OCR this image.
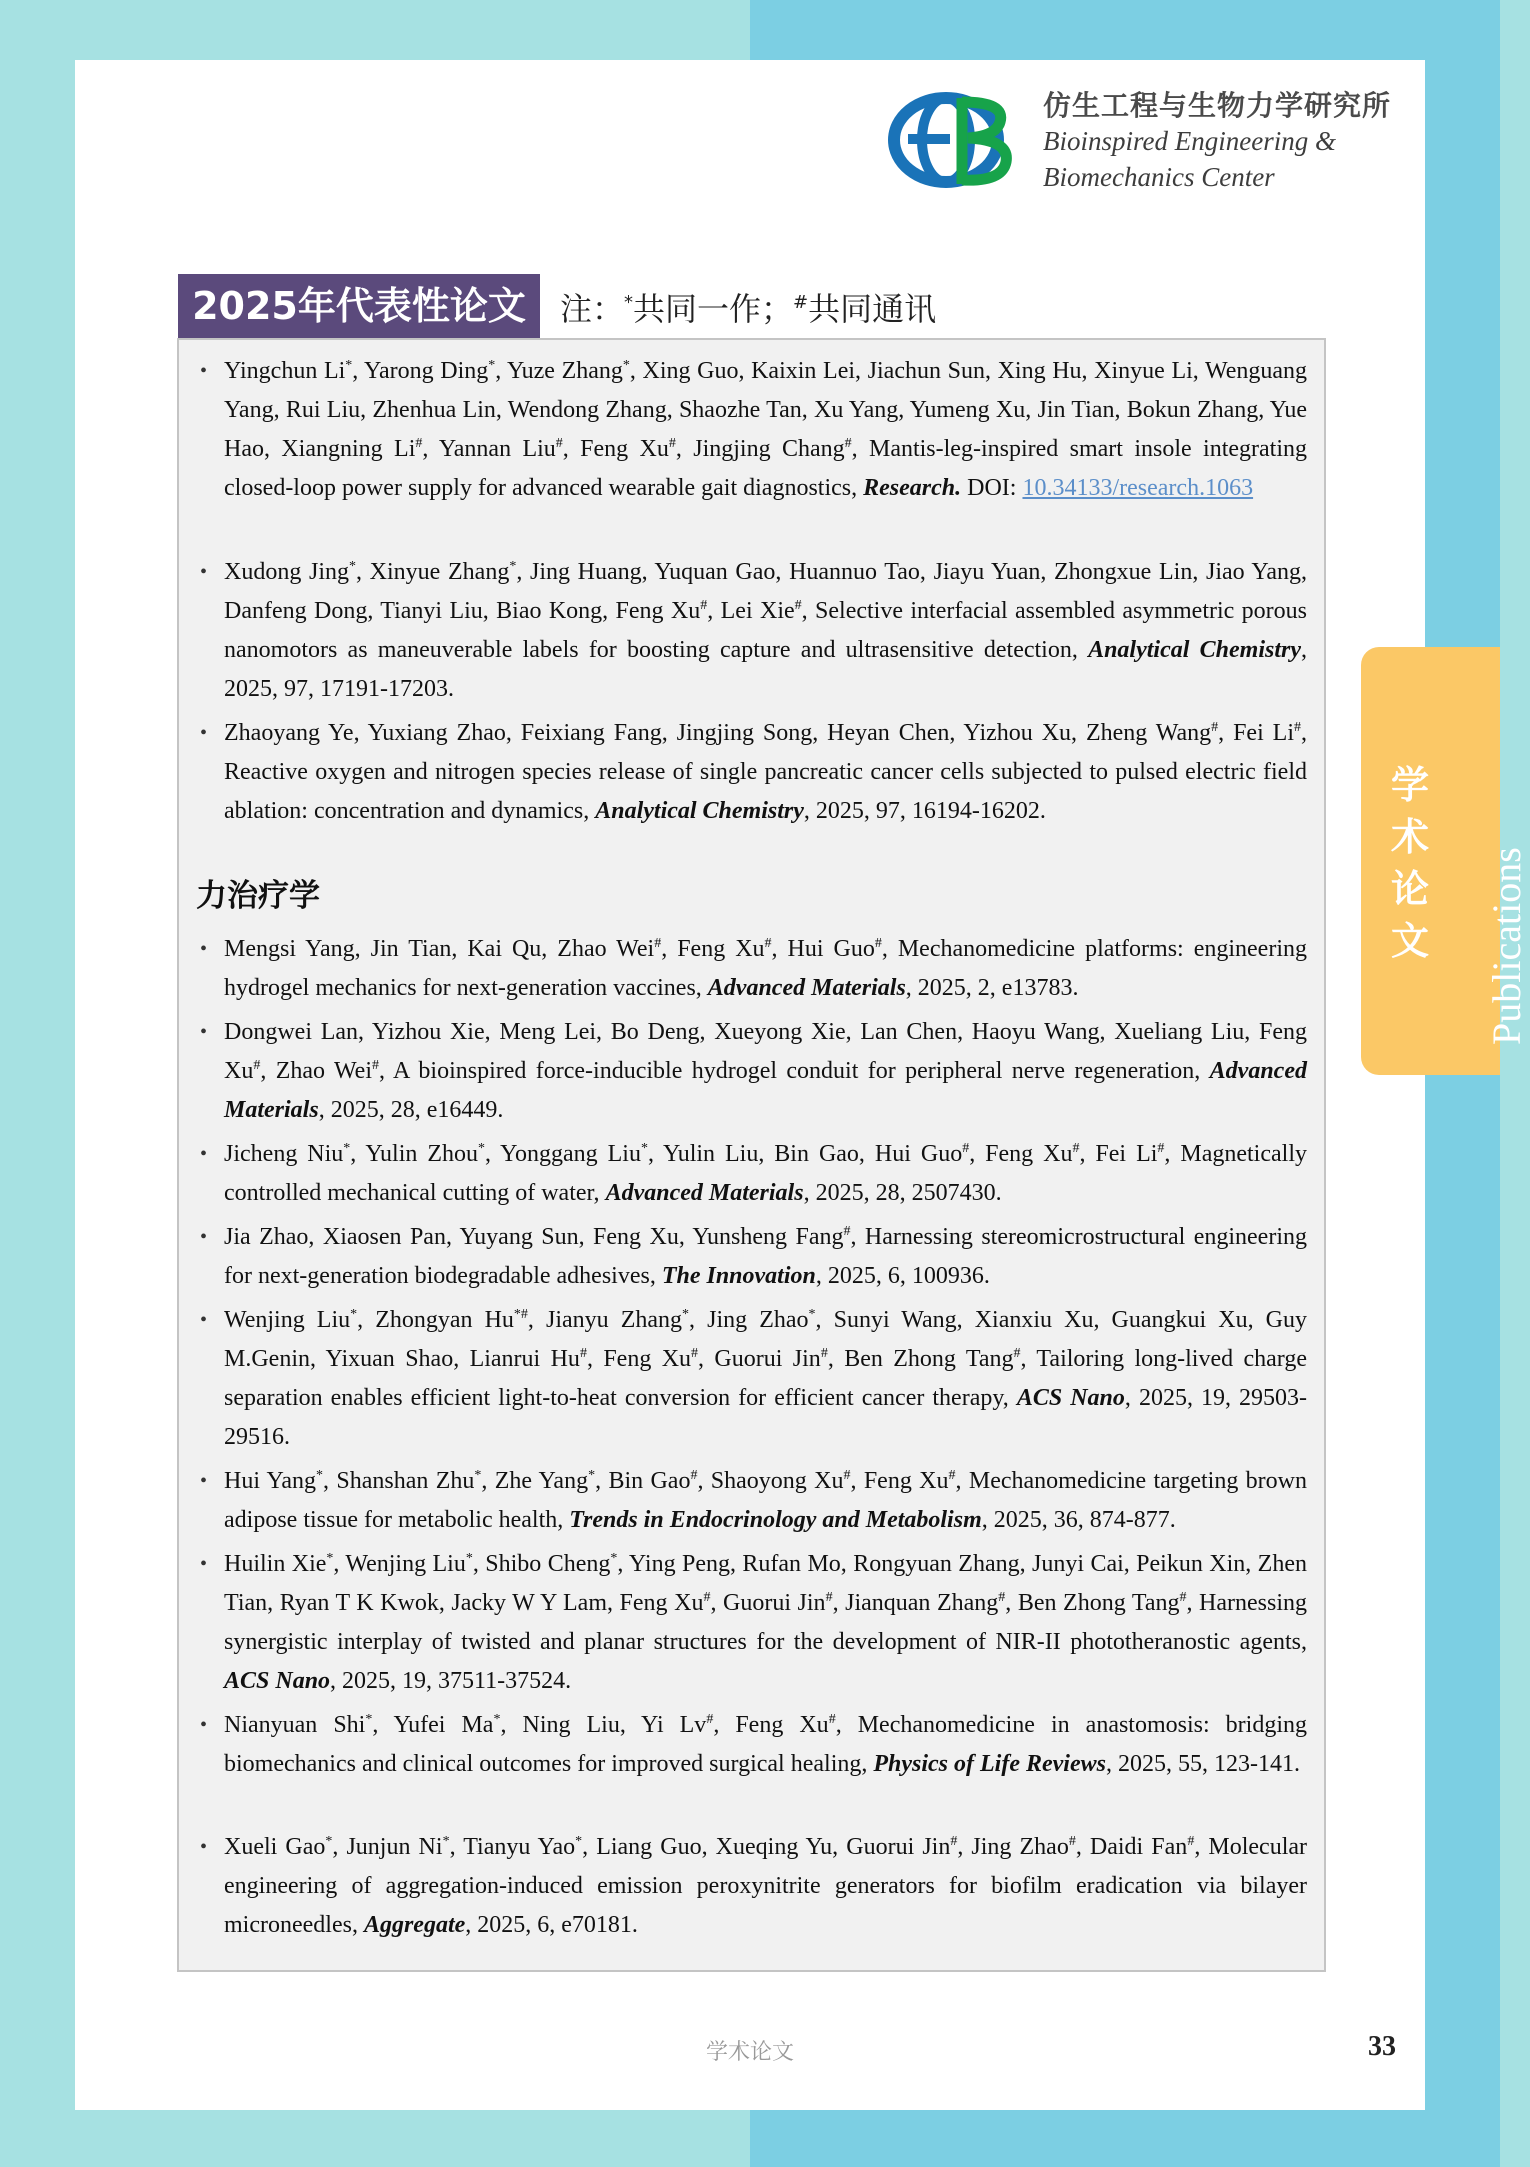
仿生工程与生物力学研究所
Bioinspired Engineering &
Biomechanics Center
2025年代表性论文	注：*共同一作；#共同通讯
• Yingchun Li*, Yarong Ding*, Yuze Zhang*, Xing Guo, Kaixin Lei, Jiachun Sun, Xing Hu, Xinyue Li, Wenguang Yang, Rui Liu, Zhenhua Lin, Wendong Zhang, Shaozhe Tan, Xu Yang, Yumeng Xu, Jin Tian, Bokun Zhang, Yue Hao, Xiangning Li#, Yannan Liu#, Feng Xu#, Jingjing Chang#, Mantis-leg-inspired smart insole integrating closed-loop power supply for advanced wearable gait diagnostics, Research. DOI: 10.34133/research.1063
• Xudong Jing*, Xinyue Zhang*, Jing Huang, Yuquan Gao, Huannuo Tao, Jiayu Yuan, Zhongxue Lin, Jiao Yang, Danfeng Dong, Tianyi Liu, Biao Kong, Feng Xu#, Lei Xie#, Selective interfacial assembled asymmetric porous nanomotors as maneuverable labels for boosting capture and ultrasensitive detection, Analytical Chemistry, 2025, 97, 17191-17203.
• Zhaoyang Ye, Yuxiang Zhao, Feixiang Fang, Jingjing Song, Heyan Chen, Yizhou Xu, Zheng Wang#, Fei Li#, Reactive oxygen and nitrogen species release of single pancreatic cancer cells subjected to pulsed electric field ablation: concentration and dynamics, Analytical Chemistry, 2025, 97, 16194-16202.
力治疗学
• Mengsi Yang, Jin Tian, Kai Qu, Zhao Wei#, Feng Xu#, Hui Guo#, Mechanomedicine platforms: engineering hydrogel mechanics for next-generation vaccines, Advanced Materials, 2025, 2, e13783.
• Dongwei Lan, Yizhou Xie, Meng Lei, Bo Deng, Xueyong Xie, Lan Chen, Haoyu Wang, Xueliang Liu, Feng Xu#, Zhao Wei#, A bioinspired force-inducible hydrogel conduit for peripheral nerve regeneration, Advanced Materials, 2025, 28, e16449.
• Jicheng Niu*, Yulin Zhou*, Yonggang Liu*, Yulin Liu, Bin Gao, Hui Guo#, Feng Xu#, Fei Li#, Magnetically controlled mechanical cutting of water, Advanced Materials, 2025, 28, 2507430.
• Jia Zhao, Xiaosen Pan, Yuyang Sun, Feng Xu, Yunsheng Fang#, Harnessing stereomicrostructural engineering for next-generation biodegradable adhesives, The Innovation, 2025, 6, 100936.
• Wenjing Liu*, Zhongyan Hu*#, Jianyu Zhang*, Jing Zhao*, Sunyi Wang, Xianxiu Xu, Guangkui Xu, Guy M.Genin, Yixuan Shao, Lianrui Hu#, Feng Xu#, Guorui Jin#, Ben Zhong Tang#, Tailoring long-lived charge separation enables efficient light-to-heat conversion for efficient cancer therapy, ACS Nano, 2025, 19, 29503-29516.
• Hui Yang*, Shanshan Zhu*, Zhe Yang*, Bin Gao#, Shaoyong Xu#, Feng Xu#, Mechanomedicine targeting brown adipose tissue for metabolic health, Trends in Endocrinology and Metabolism, 2025, 36, 874-877.
• Huilin Xie*, Wenjing Liu*, Shibo Cheng*, Ying Peng, Rufan Mo, Rongyuan Zhang, Junyi Cai, Peikun Xin, Zhen Tian, Ryan T K Kwok, Jacky W Y Lam, Feng Xu#, Guorui Jin#, Jianquan Zhang#, Ben Zhong Tang#, Harnessing synergistic interplay of twisted and planar structures for the development of NIR-II phototheranostic agents, ACS Nano, 2025, 19, 37511-37524.
• Nianyuan Shi*, Yufei Ma*, Ning Liu, Yi Lv#, Feng Xu#, Mechanomedicine in anastomosis: bridging biomechanics and clinical outcomes for improved surgical healing, Physics of Life Reviews, 2025, 55, 123-141.
• Xueli Gao*, Junjun Ni*, Tianyu Yao*, Liang Guo, Xueqing Yu, Guorui Jin#, Jing Zhao#, Daidi Fan#, Molecular engineering of aggregation-induced emission peroxynitrite generators for biofilm eradication via bilayer microneedles, Aggregate, 2025, 6, e70181.
学
术
论
文 Publications
学术论文	33
